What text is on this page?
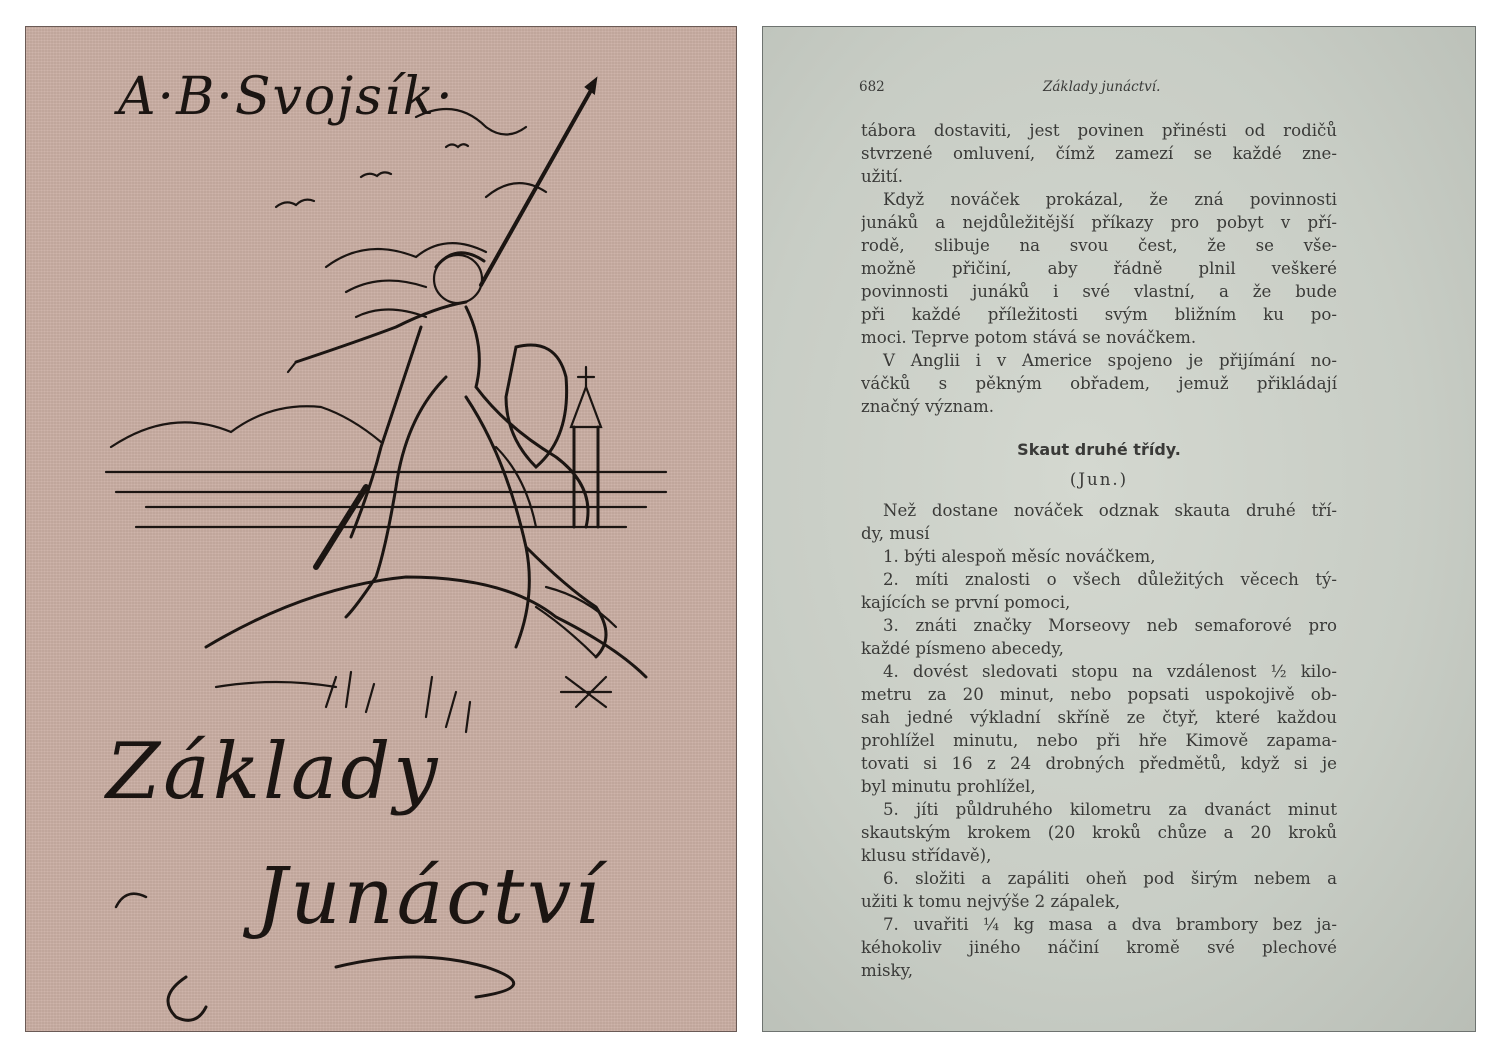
A·B·Svojsík·
Základy
Junáctví
682	Základy junáctví.
tábora dostaviti, jest povinen přinésti od rodičů
stvrzené omluvení, čímž zamezí se každé zne-
užití.
Když nováček prokázal, že zná povinnosti
junáků a nejdůležitější příkazy pro pobyt v pří-
rodě, slibuje na svou čest, že se vše-
možně přičiní, aby řádně plnil veškeré
povinnosti junáků i své vlastní, a že bude
při každé příležitosti svým bližním ku po-
moci. Teprve potom stává se nováčkem.
V Anglii i v Americe spojeno je přijímání no-
váčků s pěkným obřadem, jemuž přikládají
značný význam.
Skaut druhé třídy.
(Jun.)
Než dostane nováček odznak skauta druhé tří-
dy, musí
1. býti alespoň měsíc nováčkem,
2. míti znalosti o všech důležitých věcech tý-
kajících se první pomoci,
3. znáti značky Morseovy neb semaforové pro
každé písmeno abecedy,
4. dovést sledovati stopu na vzdálenost ½ kilo-
metru za 20 minut, nebo popsati uspokojivě ob-
sah jedné výkladní skříně ze čtyř, které každou
prohlížel minutu, nebo při hře Kimově zapama-
tovati si 16 z 24 drobných předmětů, když si je
byl minutu prohlížel,
5. jíti půldruhého kilometru za dvanáct minut
skautským krokem (20 kroků chůze a 20 kroků
klusu střídavě),
6. složiti a zapáliti oheň pod širým nebem a
užiti k tomu nejvýše 2 zápalek,
7. uvařiti ¼ kg masa a dva brambory bez ja-
kéhokoliv jiného náčiní kromě své plechové
misky,
